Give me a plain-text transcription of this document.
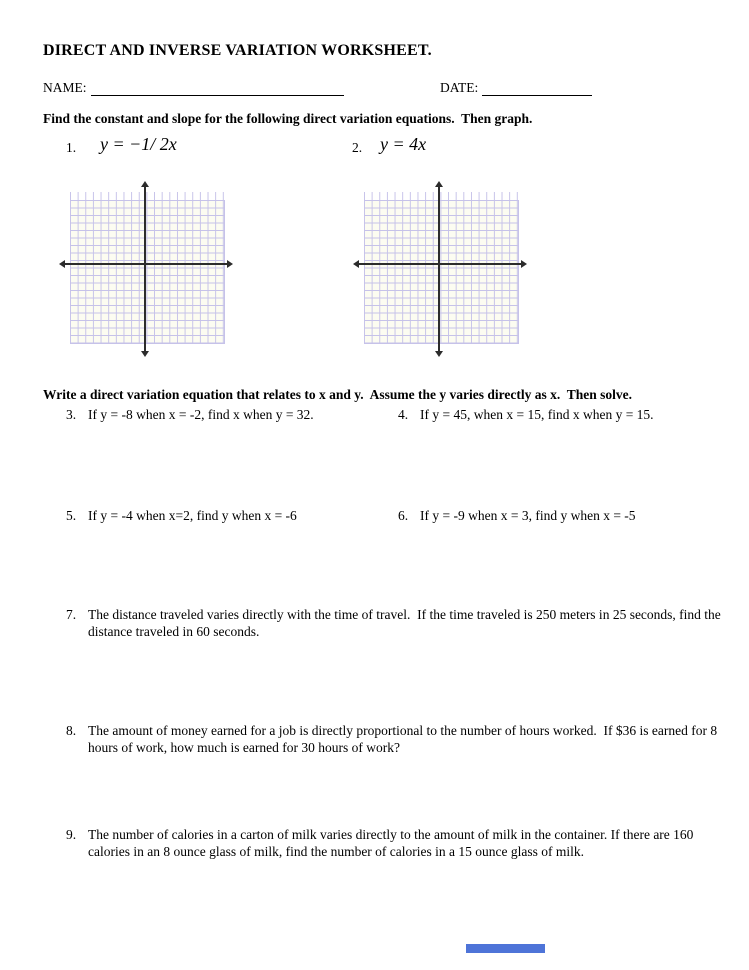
DIRECT AND INVERSE VARIATION WORKSHEET.
NAME:	DATE:

Find the constant and slope for the following direct variation equations.  Then graph.

1. y = −1/ 2x	2. y = 4x

Write a direct variation equation that relates to x and y.  Assume the y varies directly as x.  Then solve.

3. If y = -8 when x = -2, find x when y = 32.	4. If y = 45, when x = 15, find x when y = 15.
5. If y = -4 when x=2, find y when x = -6	6. If y = -9 when x = 3, find y when x = -5
7. The distance traveled varies directly with the time of travel.  If the time traveled is 250 meters in 25 seconds, find the distance traveled in 60 seconds.
8. The amount of money earned for a job is directly proportional to the number of hours worked.  If $36 is earned for 8 hours of work, how much is earned for 30 hours of work?
9. The number of calories in a carton of milk varies directly to the amount of milk in the container. If there are 160 calories in an 8 ounce glass of milk, find the number of calories in a 15 ounce glass of milk.
